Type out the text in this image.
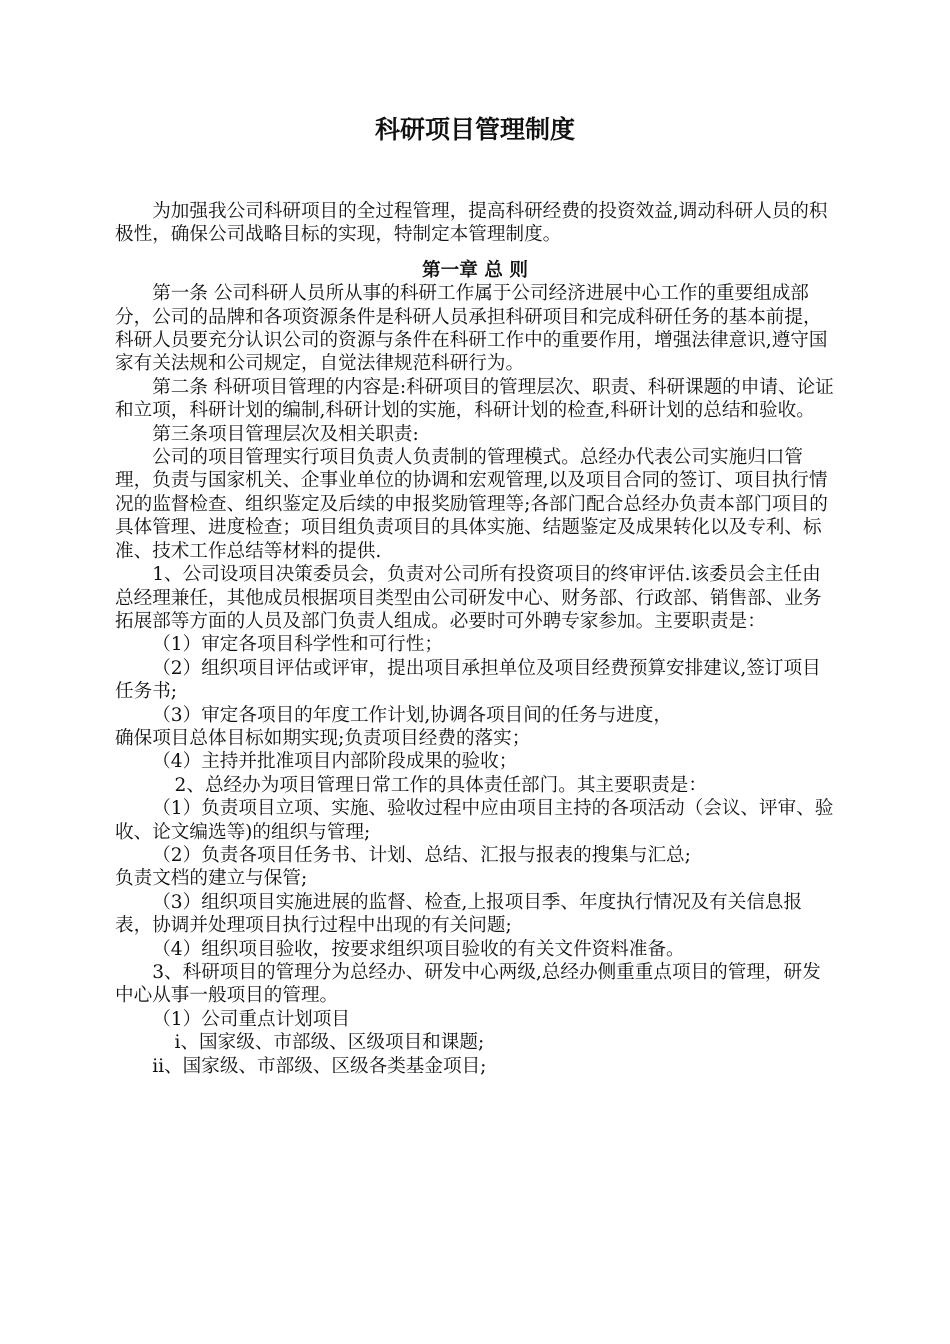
科研项目管理制度

为加强我公司科研项目的全过程管理，提高科研经费的投资效益,调动科研人员的积极性，确保公司战略目标的实现，特制定本管理制度。

第一章 总 则

第一条 公司科研人员所从事的科研工作属于公司经济进展中心工作的重要组成部分，公司的品牌和各项资源条件是科研人员承担科研项目和完成科研任务的基本前提，科研人员要充分认识公司的资源与条件在科研工作中的重要作用，增强法律意识,遵守国家有关法规和公司规定，自觉法律规范科研行为。

第二条 科研项目管理的内容是:科研项目的管理层次、职责、科研课题的申请、论证和立项，科研计划的编制,科研计划的实施，科研计划的检查,科研计划的总结和验收。

第三条项目管理层次及相关职责:

公司的项目管理实行项目负责人负责制的管理模式。总经办代表公司实施归口管理，负责与国家机关、企事业单位的协调和宏观管理,以及项目合同的签订、项目执行情况的监督检查、组织鉴定及后续的申报奖励管理等;各部门配合总经办负责本部门项目的具体管理、进度检查；项目组负责项目的具体实施、结题鉴定及成果转化以及专利、标准、技术工作总结等材料的提供.

1、公司设项目决策委员会，负责对公司所有投资项目的终审评估.该委员会主任由总经理兼任，其他成员根据项目类型由公司研发中心、财务部、行政部、销售部、业务拓展部等方面的人员及部门负责人组成。必要时可外聘专家参加。主要职责是：

（1）审定各项目科学性和可行性；

（2）组织项目评估或评审，提出项目承担单位及项目经费预算安排建议,签订项目任务书;

（3）审定各项目的年度工作计划,协调各项目间的任务与进度，

确保项目总体目标如期实现;负责项目经费的落实；

（4）主持并批准项目内部阶段成果的验收；

2、总经办为项目管理日常工作的具体责任部门。其主要职责是：

（1）负责项目立项、实施、验收过程中应由项目主持的各项活动（会议、评审、验收、论文编选等)的组织与管理;

（2）负责各项目任务书、计划、总结、汇报与报表的搜集与汇总;

负责文档的建立与保管;

（3）组织项目实施进展的监督、检查,上报项目季、年度执行情况及有关信息报表，协调并处理项目执行过程中出现的有关问题;

（4）组织项目验收，按要求组织项目验收的有关文件资料准备。

3、科研项目的管理分为总经办、研发中心两级,总经办侧重重点项目的管理，研发中心从事一般项目的管理。

（1）公司重点计划项目

ⅰ、国家级、市部级、区级项目和课题;

ⅱ、国家级、市部级、区级各类基金项目;
